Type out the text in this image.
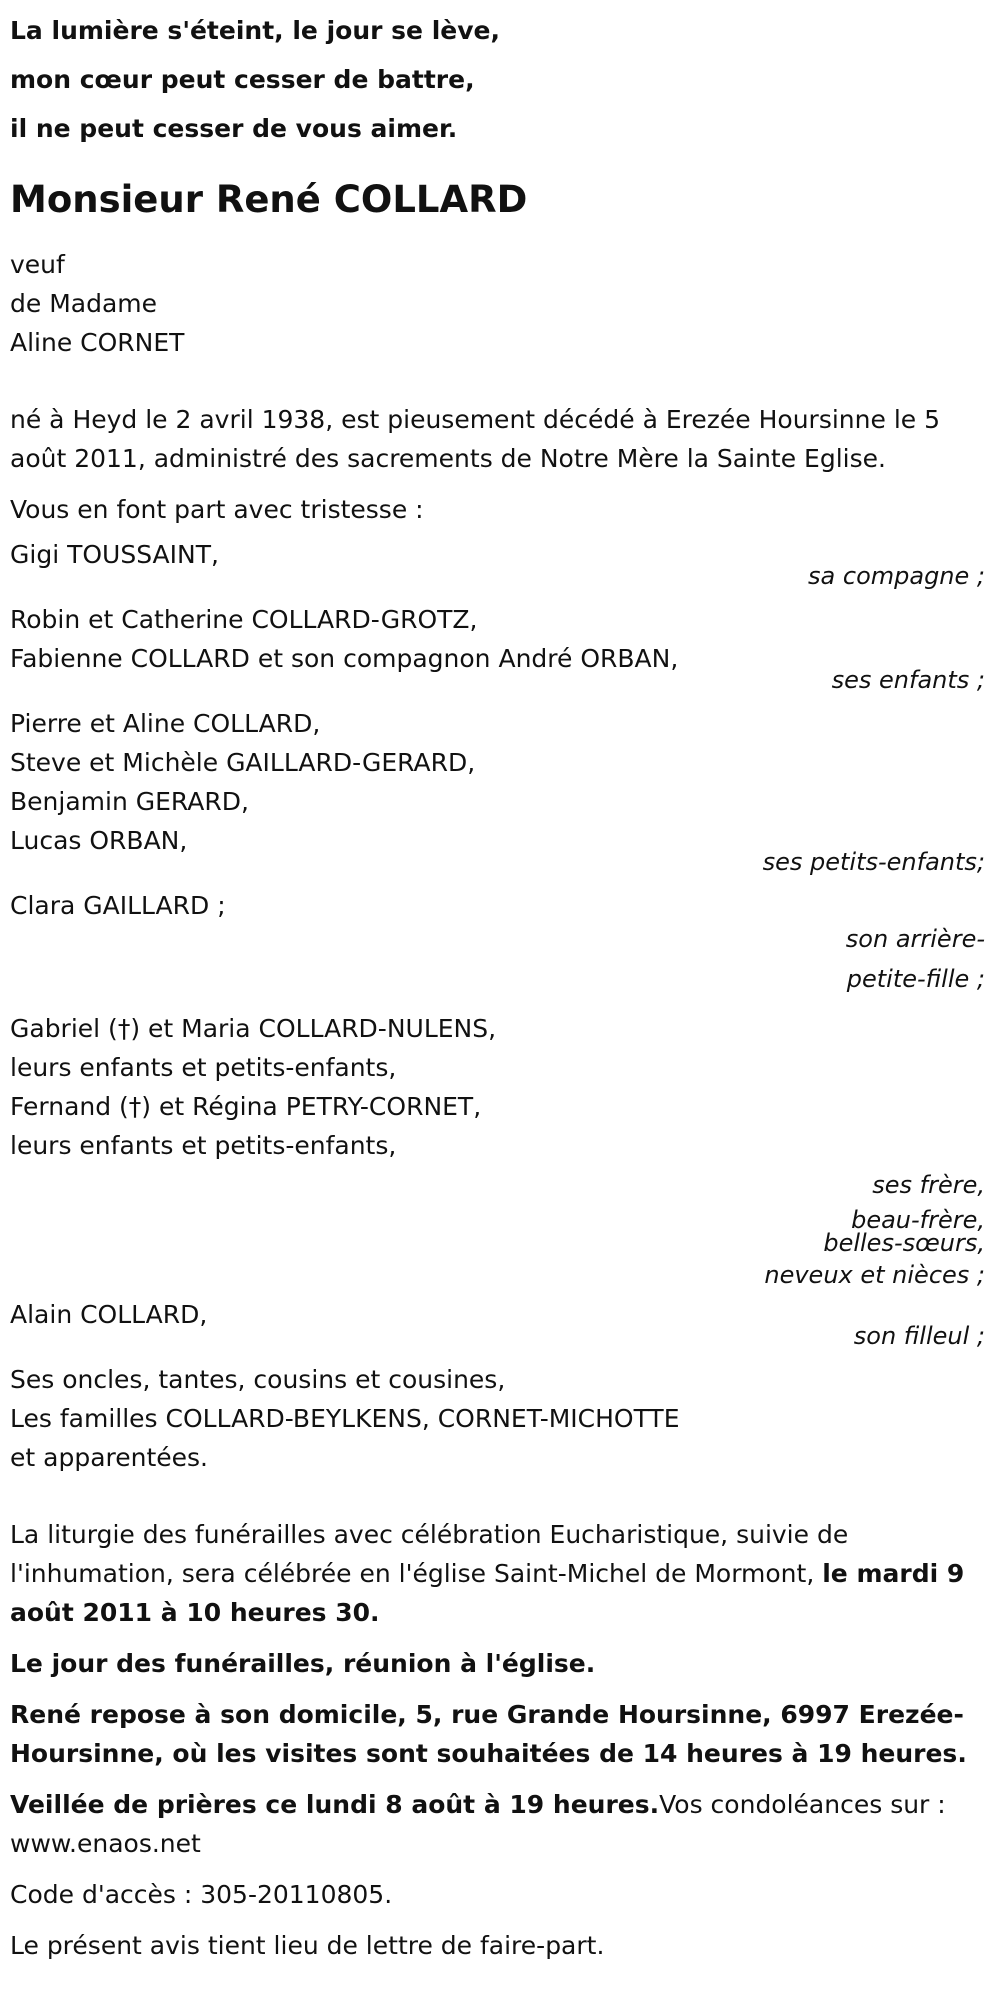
La lumière s'éteint, le jour se lève,
mon cœur peut cesser de battre,
il ne peut cesser de vous aimer.
Monsieur René COLLARD
veuf
de Madame
Aline CORNET
né à Heyd le 2 avril 1938, est pieusement décédé à Erezée Hoursinne le 5 août 2011, administré des sacrements de Notre Mère la Sainte Eglise.
Vous en font part avec tristesse :
Gigi TOUSSAINT,
sa compagne ;
Robin et Catherine COLLARD-GROTZ,
Fabienne COLLARD et son compagnon André ORBAN,
ses enfants ;
Pierre et Aline COLLARD,
Steve et Michèle GAILLARD-GERARD,
Benjamin GERARD,
Lucas ORBAN,
ses petits-enfants;
Clara GAILLARD ;
son arrière-
petite-fille ;
Gabriel (†) et Maria COLLARD-NULENS,
leurs enfants et petits-enfants,
Fernand (†) et Régina PETRY-CORNET,
leurs enfants et petits-enfants,
ses frère,
beau-frère,
belles-sœurs,
neveux et nièces ;
Alain COLLARD,
son filleul ;
Ses oncles, tantes, cousins et cousines,
Les familles COLLARD-BEYLKENS, CORNET-MICHOTTE
et apparentées.
La liturgie des funérailles avec célébration Eucharistique, suivie de l'inhumation, sera célébrée en l'église Saint-Michel de Mormont, le mardi 9 août 2011 à 10 heures 30.
Le jour des funérailles, réunion à l'église.
René repose à son domicile, 5, rue Grande Hoursinne, 6997 Erezée-Hoursinne, où les visites sont souhaitées de 14 heures à 19 heures.
Veillée de prières ce lundi 8 août à 19 heures.Vos condoléances sur : www.enaos.net
Code d'accès : 305-20110805.
Le présent avis tient lieu de lettre de faire-part.
